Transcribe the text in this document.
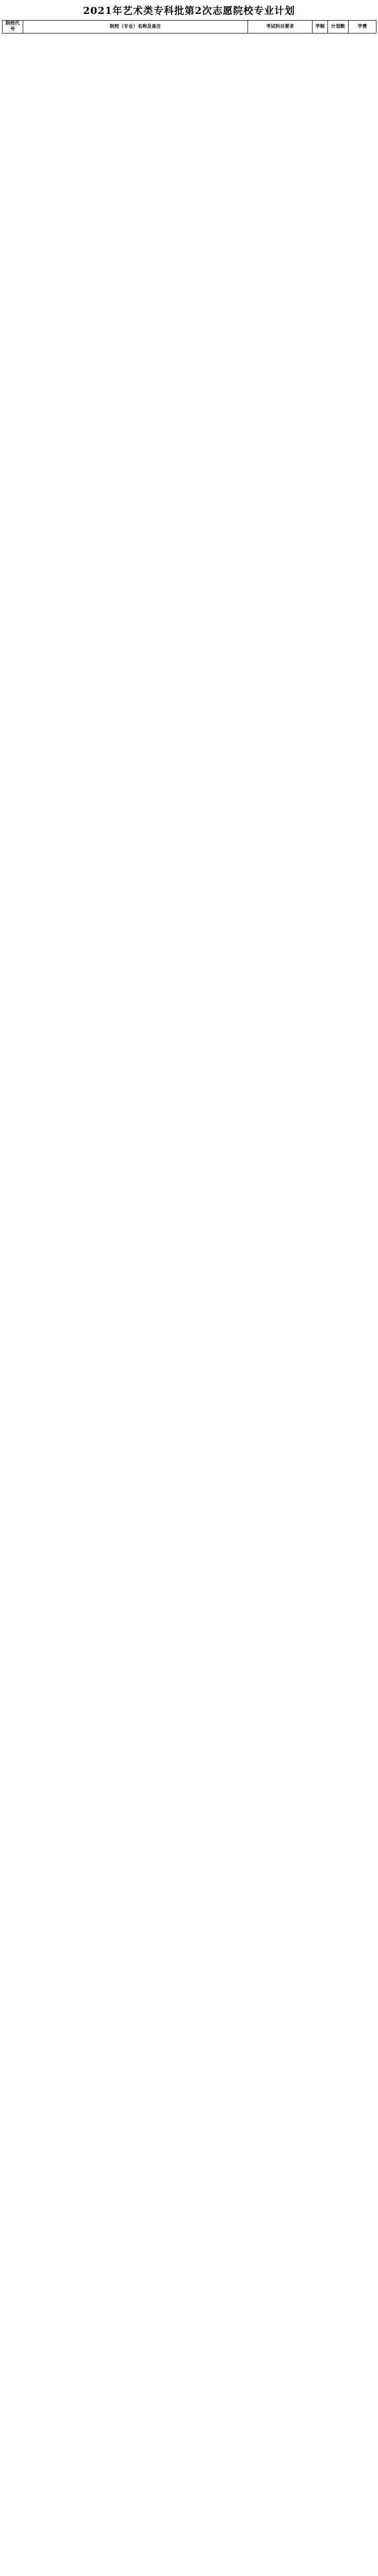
2021年艺术类专科批第2次志愿院校专业计划
院校代号	院校（专业）名称及备注	考试科目要求	学制	计划数	学费
